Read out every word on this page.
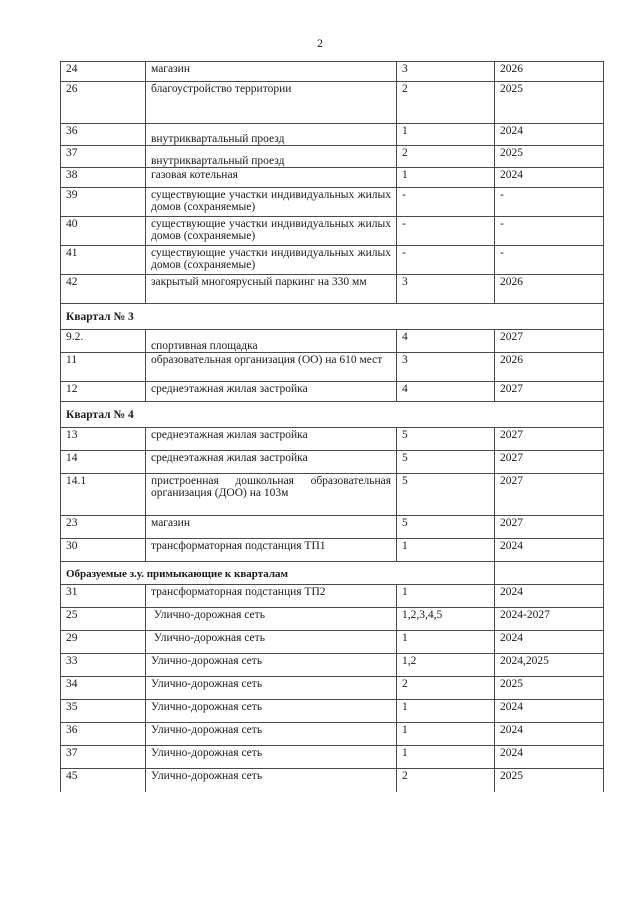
2
24	магазин	3	2026
26	благоустройство территории	2	2025
36	внутриквартальный проезд	1	2024
37	внутриквартальный проезд	2	2025
38	газовая котельная	1	2024
39	существующие участки индивидуальных жилых домов (сохраняемые)	-	-
40	существующие участки индивидуальных жилых домов (сохраняемые)	-	-
41	существующие участки индивидуальных жилых домов (сохраняемые)	-	-
42	закрытый многоярусный паркинг на 330 мм	3	2026
Квартал № 3			
9.2.	спортивная площадка	4	2027
11	образовательная организация (ОО) на 610 мест	3	2026
12	среднеэтажная жилая застройка	4	2027
Квартал № 4			
13	среднеэтажная жилая застройка	5	2027
14	среднеэтажная жилая застройка	5	2027
14.1	пристроенная дошкольная образовательная организация (ДОО) на 103м	5	2027
23	магазин	5	2027
30	трансформаторная подстанция ТП1	1	2024
Образуемые з.у. примыкающие к кварталам			
31	трансформаторная подстанция ТП2	1	2024
25	Улично-дорожная сеть	1,2,3,4,5	2024-2027
29	Улично-дорожная сеть	1	2024
33	Улично-дорожная сеть	1,2	2024,2025
34	Улично-дорожная сеть	2	2025
35	Улично-дорожная сеть	1	2024
36	Улично-дорожная сеть	1	2024
37	Улично-дорожная сеть	1	2024
45	Улично-дорожная сеть	2	2025
